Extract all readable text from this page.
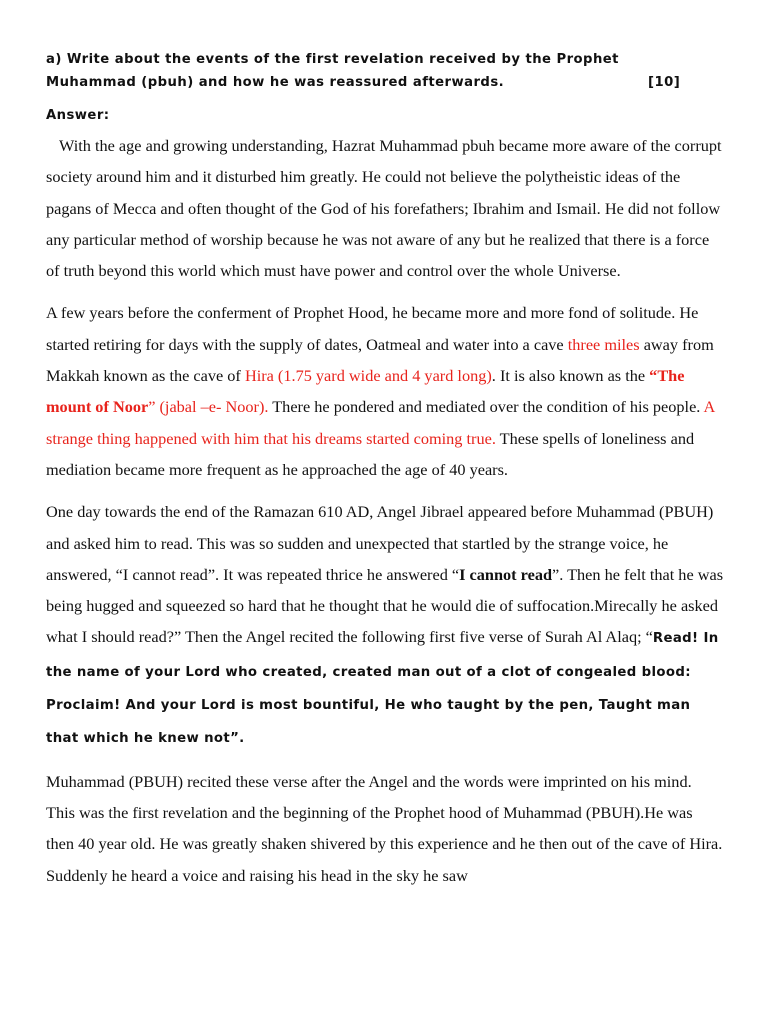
a) Write about the events of the first revelation received by the Prophet
Muhammad (pbuh) and how he was reassured afterwards.	[10]
Answer:

With the age and growing understanding, Hazrat Muhammad pbuh became more aware of the corrupt society around him and it disturbed him greatly. He could not believe the polytheistic ideas of the pagans of Mecca and often thought of the God of his forefathers; Ibrahim and Ismail. He did not follow any particular method of worship because he was not aware of any but he realized that there is a force of truth beyond this world which must have power and control over the whole Universe.

A few years before the conferment of Prophet Hood, he became more and more fond of solitude. He started retiring for days with the supply of dates, Oatmeal and water into a cave three miles away from Makkah known as the cave of Hira (1.75 yard wide and 4 yard long). It is also known as the “The mount of Noor” (jabal –e- Noor). There he pondered and mediated over the condition of his people. A strange thing happened with him that his dreams started coming true. These spells of loneliness and mediation became more frequent as he approached the age of 40 years.

One day towards the end of the Ramazan 610 AD, Angel Jibrael appeared before Muhammad (PBUH) and asked him to read. This was so sudden and unexpected that startled by the strange voice, he answered, “I cannot read”. It was repeated thrice he answered “I cannot read”. Then he felt that he was being hugged and squeezed so hard that he thought that he would die of suffocation.Mirecally he asked what I should read?” Then the Angel recited the following first five verse of Surah Al Alaq; “Read! In the name of your Lord who created, created man out of a clot of congealed blood: Proclaim! And your Lord is most bountiful, He who taught by the pen, Taught man that which he knew not”.

Muhammad (PBUH) recited these verse after the Angel and the words were imprinted on his mind. This was the first revelation and the beginning of the Prophet hood of Muhammad (PBUH).He was then 40 year old. He was greatly shaken shivered by this experience and he then out of the cave of Hira. Suddenly he heard a voice and raising his head in the sky he saw
